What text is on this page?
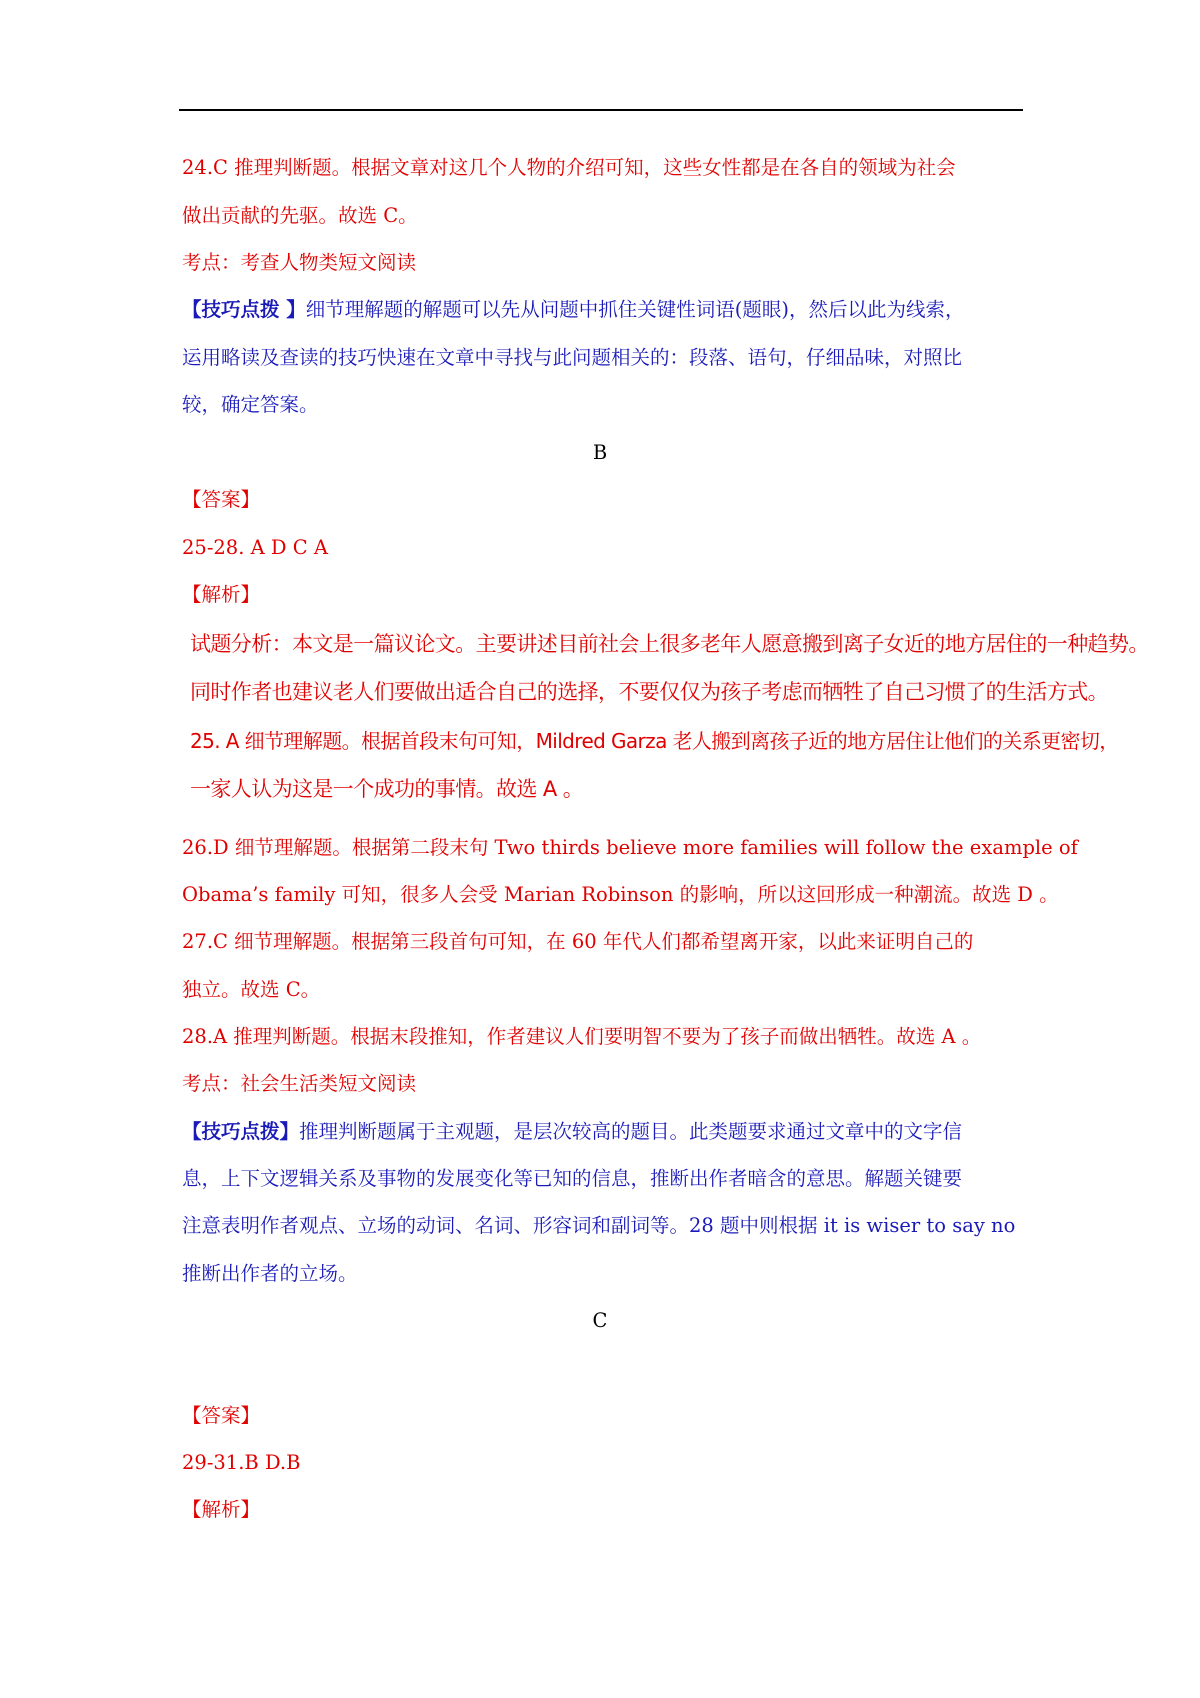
24.C 推理判断题。根据文章对这几个人物的介绍可知，这些女性都是在各自的领域为社会
做出贡献的先驱。故选 C。
考点：考查人物类短文阅读
【技巧点拨 】细节理解题的解题可以先从问题中抓住关键性词语(题眼)，然后以此为线索，
运用略读及查读的技巧快速在文章中寻找与此问题相关的：段落、语句，仔细品味，对照比
较，确定答案。
B
【答案】
25-28. A D C A
【解析】
试题分析：本文是一篇议论文。主要讲述目前社会上很多老年人愿意搬到离子女近的地方居住的一种趋势。
同时作者也建议老人们要做出适合自己的选择，不要仅仅为孩子考虑而牺牲了自己习惯了的生活方式。
25. A 细节理解题。根据首段末句可知，Mildred Garza 老人搬到离孩子近的地方居住让他们的关系更密切，
一家人认为这是一个成功的事情。故选 A 。
26.D 细节理解题。根据第二段末句 Two thirds believe more families will follow the example of
Obama’s family 可知，很多人会受 Marian Robinson 的影响，所以这回形成一种潮流。故选 D 。
27.C 细节理解题。根据第三段首句可知，在 60 年代人们都希望离开家，以此来证明自己的
独立。故选 C。
28.A 推理判断题。根据末段推知，作者建议人们要明智不要为了孩子而做出牺牲。故选 A 。
考点：社会生活类短文阅读
【技巧点拨】推理判断题属于主观题，是层次较高的题目。此类题要求通过文章中的文字信
息，上下文逻辑关系及事物的发展变化等已知的信息，推断出作者暗含的意思。解题关键要
注意表明作者观点、立场的动词、名词、形容词和副词等。28 题中则根据 it is wiser to say no
推断出作者的立场。
C
【答案】
29-31.B D.B
【解析】
